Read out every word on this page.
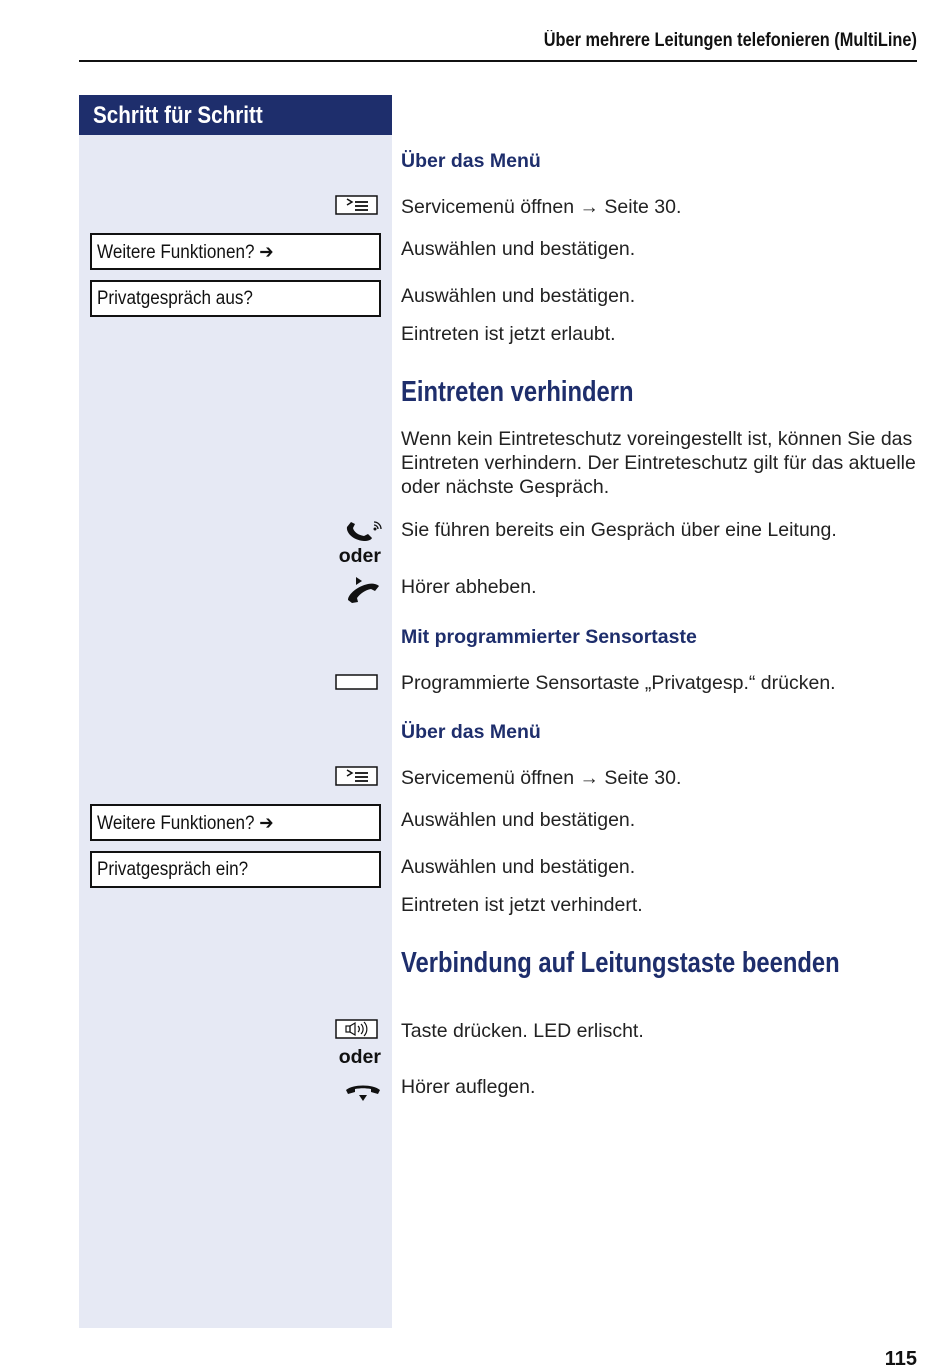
Über mehrere Leitungen telefonieren (MultiLine)
Schritt für Schritt
Über das Menü
Servicemenü öffnen → Seite 30.
Weitere Funktionen? ➔	Auswählen und bestätigen.
Privatgespräch aus?	Auswählen und bestätigen.
Eintreten ist jetzt erlaubt.
Eintreten verhindern
Wenn kein Eintreteschutz voreingestellt ist, können Sie das Eintreten verhindern. Der Eintreteschutz gilt für das aktuelle oder nächste Gespräch.
Sie führen bereits ein Gespräch über eine Leitung.
oder
Hörer abheben.
Mit programmierter Sensortaste
Programmierte Sensortaste „Privatgesp.“ drücken.
Über das Menü
Servicemenü öffnen → Seite 30.
Weitere Funktionen? ➔	Auswählen und bestätigen.
Privatgespräch ein?	Auswählen und bestätigen.
Eintreten ist jetzt verhindert.
Verbindung auf Leitungstaste beenden
Taste drücken. LED erlischt.
oder
Hörer auflegen.
115
